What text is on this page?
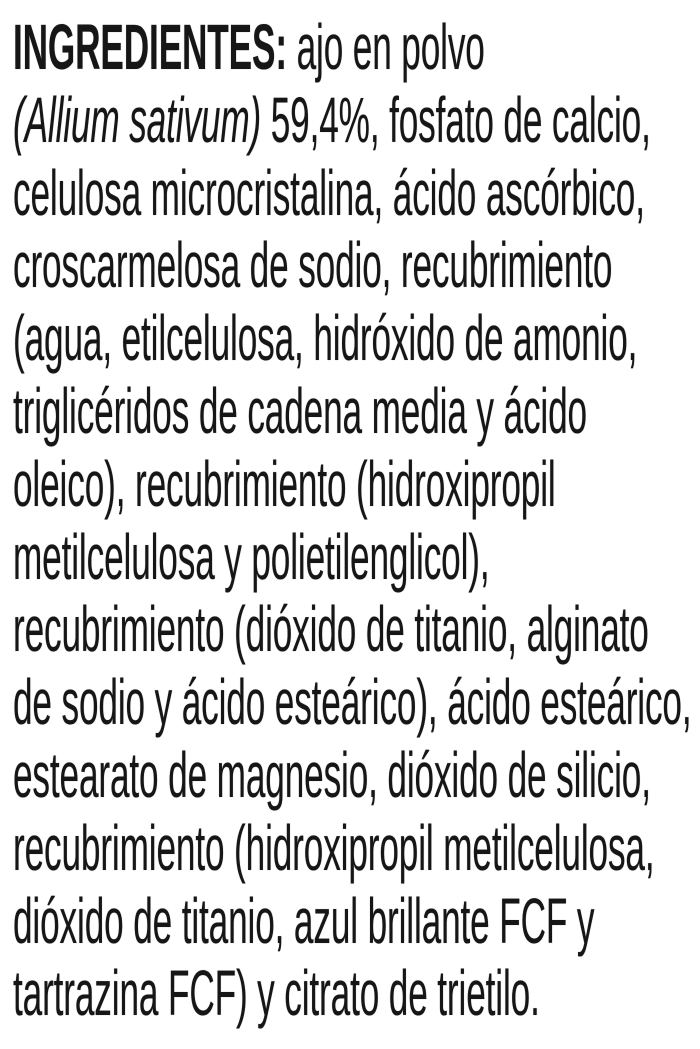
INGREDIENTES: ajo en polvo
(Allium sativum) 59,4%, fosfato de calcio,
celulosa microcristalina, ácido ascórbico,
croscarmelosa de sodio, recubrimiento
(agua, etilcelulosa, hidróxido de amonio,
triglicéridos de cadena media y ácido
oleico), recubrimiento (hidroxipropil
metilcelulosa y polietilenglicol),
recubrimiento (dióxido de titanio, alginato
de sodio y ácido esteárico), ácido esteárico,
estearato de magnesio, dióxido de silicio,
recubrimiento (hidroxipropil metilcelulosa,
dióxido de titanio, azul brillante FCF y
tartrazina FCF) y citrato de trietilo.
